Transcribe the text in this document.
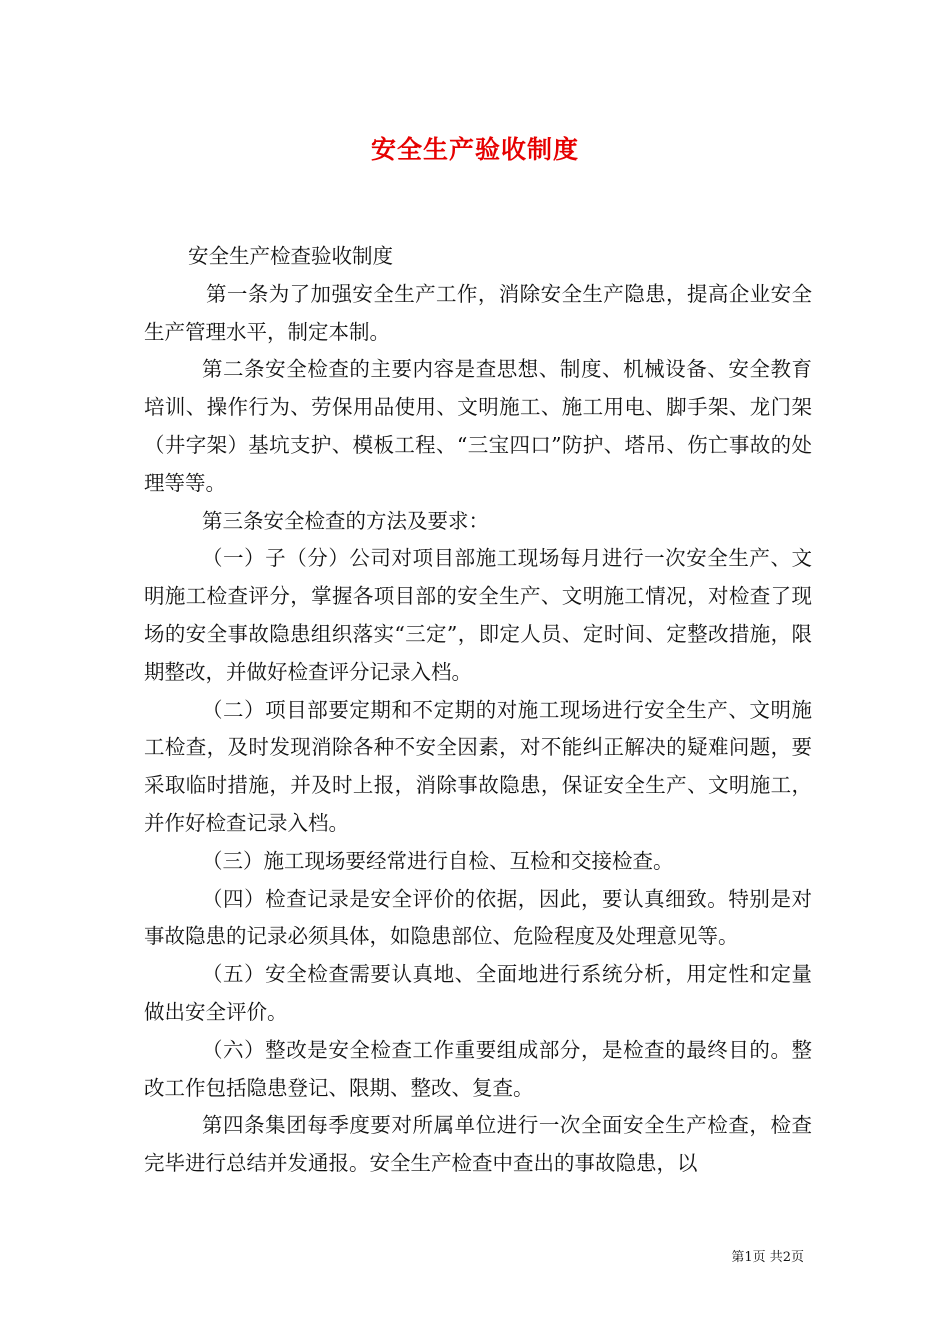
安全生产验收制度

安全生产检查验收制度

第一条为了加强安全生产工作，消除安全生产隐患，提高企业安全生产管理水平，制定本制。

第二条安全检查的主要内容是查思想、制度、机械设备、安全教育培训、操作行为、劳保用品使用、文明施工、施工用电、脚手架、龙门架（井字架）基坑支护、模板工程、“三宝四口”防护、塔吊、伤亡事故的处理等等。

第三条安全检查的方法及要求：

（一）子（分）公司对项目部施工现场每月进行一次安全生产、文明施工检查评分，掌握各项目部的安全生产、文明施工情况，对检查了现场的安全事故隐患组织落实“三定”，即定人员、定时间、定整改措施，限期整改，并做好检查评分记录入档。

（二）项目部要定期和不定期的对施工现场进行安全生产、文明施工检查，及时发现消除各种不安全因素，对不能纠正解决的疑难问题，要采取临时措施，并及时上报，消除事故隐患，保证安全生产、文明施工，并作好检查记录入档。

（三）施工现场要经常进行自检、互检和交接检查。

（四）检查记录是安全评价的依据，因此，要认真细致。特别是对事故隐患的记录必须具体，如隐患部位、危险程度及处理意见等。

（五）安全检查需要认真地、全面地进行系统分析，用定性和定量做出安全评价。

（六）整改是安全检查工作重要组成部分，是检查的最终目的。整改工作包括隐患登记、限期、整改、复查。

第四条集团每季度要对所属单位进行一次全面安全生产检查，检查完毕进行总结并发通报。安全生产检查中查出的事故隐患，以

第1页 共2页
